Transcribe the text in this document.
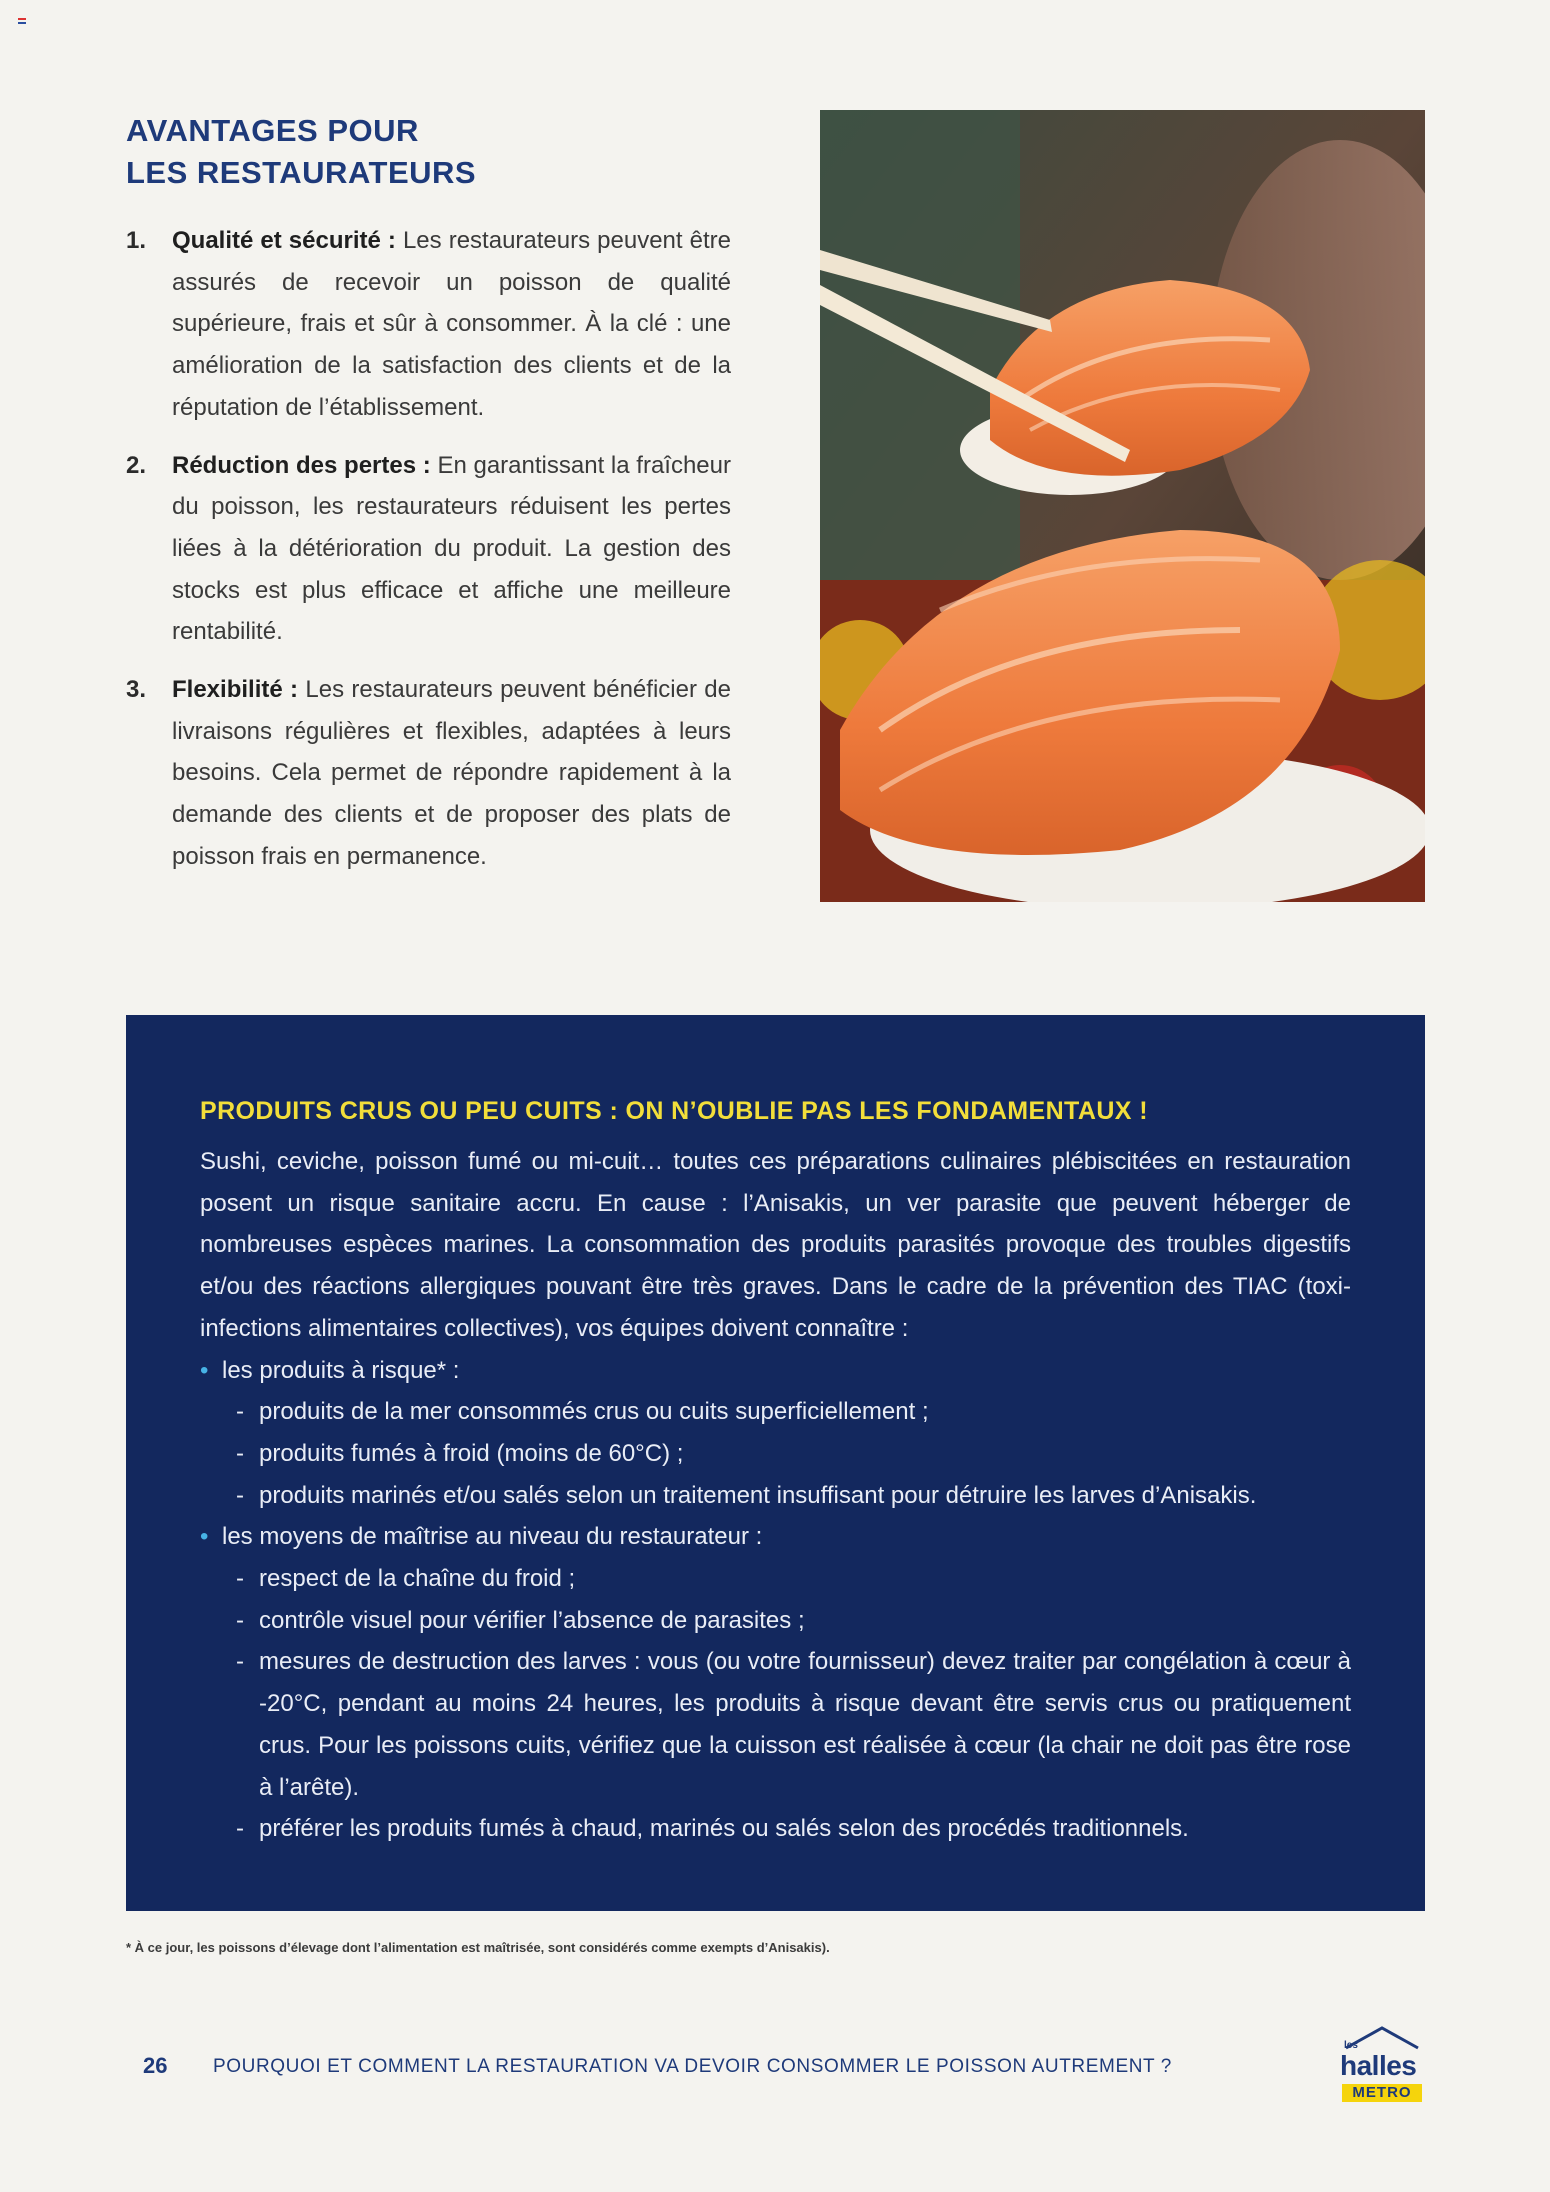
AVANTAGES POUR
LES RESTAURATEURS
1. Qualité et sécurité : Les restaurateurs peuvent être assurés de recevoir un poisson de qualité supérieure, frais et sûr à consommer. À la clé : une amélioration de la satisfaction des clients et de la réputation de l’établissement.
2. Réduction des pertes : En garantissant la fraîcheur du poisson, les restaurateurs réduisent les pertes liées à la détérioration du produit. La gestion des stocks est plus efficace et affiche une meilleure rentabilité.
3. Flexibilité : Les restaurateurs peuvent bénéficier de livraisons régulières et flexibles, adaptées à leurs besoins. Cela permet de répondre rapidement à la demande des clients et de proposer des plats de poisson frais en permanence.
PRODUITS CRUS OU PEU CUITS : ON N’OUBLIE PAS LES FONDAMENTAUX !
Sushi, ceviche, poisson fumé ou mi-cuit… toutes ces préparations culinaires plébiscitées en restauration posent un risque sanitaire accru. En cause : l’Anisakis, un ver parasite que peuvent héberger de nombreuses espèces marines. La consommation des produits parasités provoque des troubles digestifs et/ou des réactions allergiques pouvant être très graves. Dans le cadre de la prévention des TIAC (toxi-infections alimentaires collectives), vos équipes doivent connaître :
• les produits à risque* :
- produits de la mer consommés crus ou cuits superficiellement ;
- produits fumés à froid (moins de 60°C) ;
- produits marinés et/ou salés selon un traitement insuffisant pour détruire les larves d’Anisakis.
• les moyens de maîtrise au niveau du restaurateur :
- respect de la chaîne du froid ;
- contrôle visuel pour vérifier l’absence de parasites ;
- mesures de destruction des larves : vous (ou votre fournisseur) devez traiter par congélation à cœur à -20°C, pendant au moins 24 heures, les produits à risque devant être servis crus ou pratiquement crus. Pour les poissons cuits, vérifiez que la cuisson est réalisée à cœur (la chair ne doit pas être rose à l’arête).
- préférer les produits fumés à chaud, marinés ou salés selon des procédés traditionnels.
* À ce jour, les poissons d’élevage dont l’alimentation est maîtrisée, sont considérés comme exempts d’Anisakis).
26 POURQUOI ET COMMENT LA RESTAURATION VA DEVOIR CONSOMMER LE POISSON AUTREMENT ?
les
halles
METRO
